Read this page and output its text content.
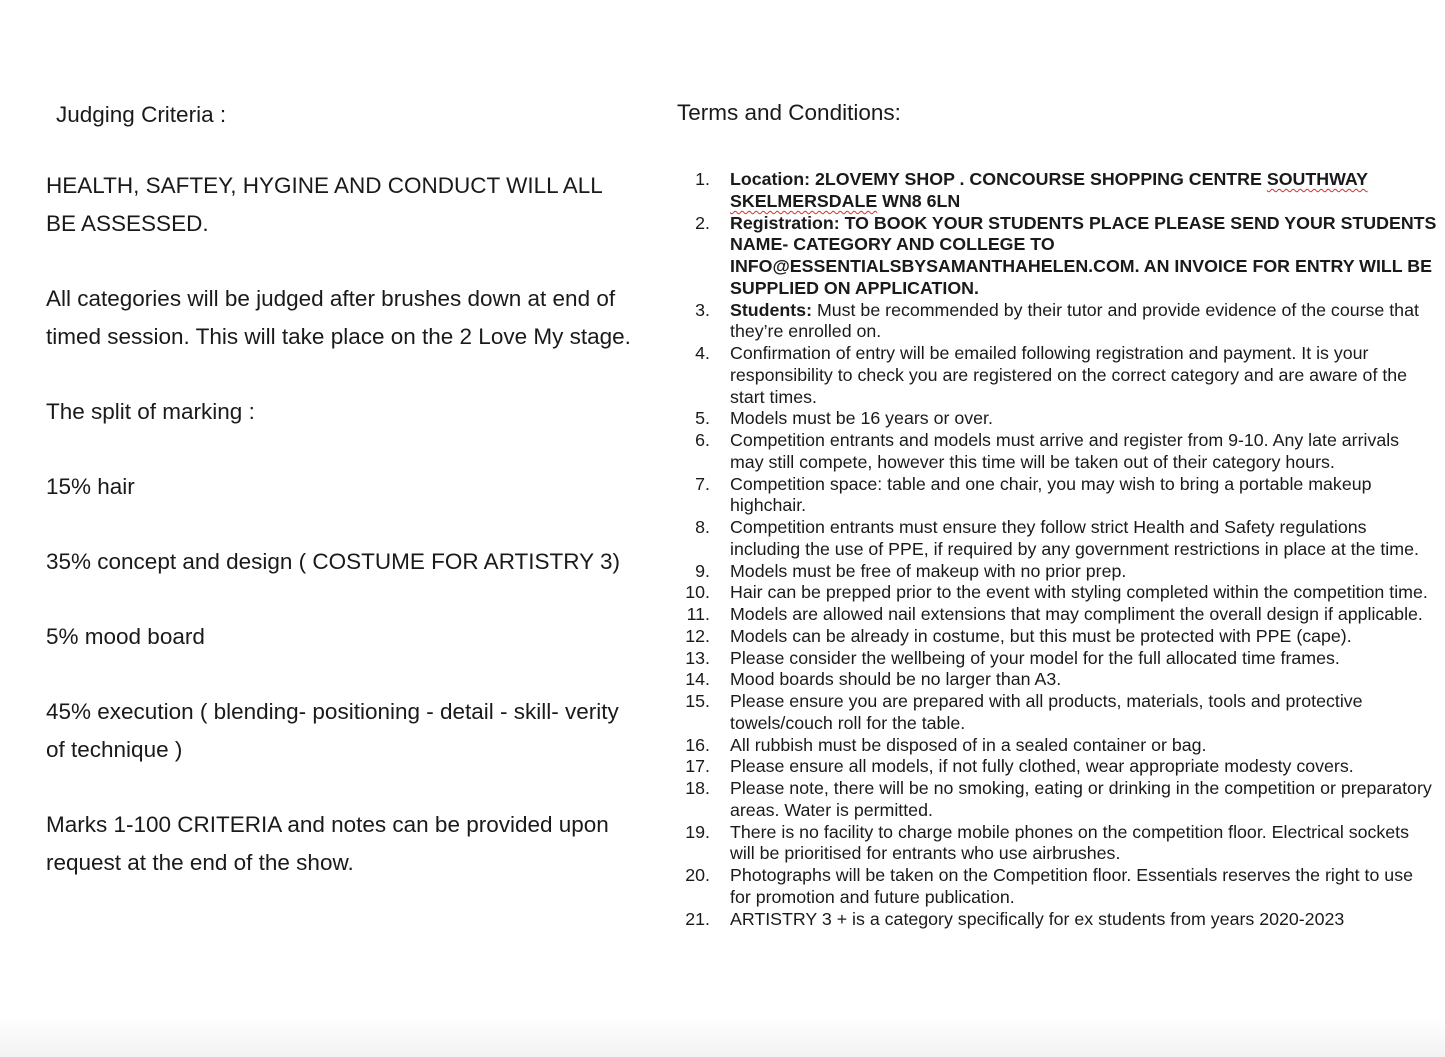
Judging Criteria :

HEALTH, SAFTEY, HYGINE AND CONDUCT WILL ALL BE ASSESSED.

All categories will be judged after brushes down at end of timed session. This will take place on the 2 Love My stage.

The split of marking :

15% hair

35% concept and design ( COSTUME FOR ARTISTRY 3)

5% mood board

45% execution ( blending- positioning - detail - skill- verity of technique )

Marks 1-100 CRITERIA and notes can be provided upon request at the end of the show.

Terms and Conditions:
1. Location: 2LOVEMY SHOP . CONCOURSE SHOPPING CENTRE SOUTHWAY SKELMERSDALE WN8 6LN
2. Registration: TO BOOK YOUR STUDENTS PLACE PLEASE SEND YOUR STUDENTS NAME- CATEGORY AND COLLEGE TO INFO@ESSENTIALSBYSAMANTHAHELEN.COM. AN INVOICE FOR ENTRY WILL BE SUPPLIED ON APPLICATION.
3. Students: Must be recommended by their tutor and provide evidence of the course that they’re enrolled on.
4. Confirmation of entry will be emailed following registration and payment. It is your responsibility to check you are registered on the correct category and are aware of the start times.
5. Models must be 16 years or over.
6. Competition entrants and models must arrive and register from 9-10. Any late arrivals may still compete, however this time will be taken out of their category hours.
7. Competition space: table and one chair, you may wish to bring a portable makeup highchair.
8. Competition entrants must ensure they follow strict Health and Safety regulations including the use of PPE, if required by any government restrictions in place at the time.
9. Models must be free of makeup with no prior prep.
10. Hair can be prepped prior to the event with styling completed within the competition time.
11. Models are allowed nail extensions that may compliment the overall design if applicable.
12. Models can be already in costume, but this must be protected with PPE (cape).
13. Please consider the wellbeing of your model for the full allocated time frames.
14. Mood boards should be no larger than A3.
15. Please ensure you are prepared with all products, materials, tools and protective towels/couch roll for the table.
16. All rubbish must be disposed of in a sealed container or bag.
17. Please ensure all models, if not fully clothed, wear appropriate modesty covers.
18. Please note, there will be no smoking, eating or drinking in the competition or preparatory areas. Water is permitted.
19. There is no facility to charge mobile phones on the competition floor. Electrical sockets will be prioritised for entrants who use airbrushes.
20. Photographs will be taken on the Competition floor. Essentials reserves the right to use for promotion and future publication.
21. ARTISTRY 3 + is a category specifically for ex students from years 2020-2023
